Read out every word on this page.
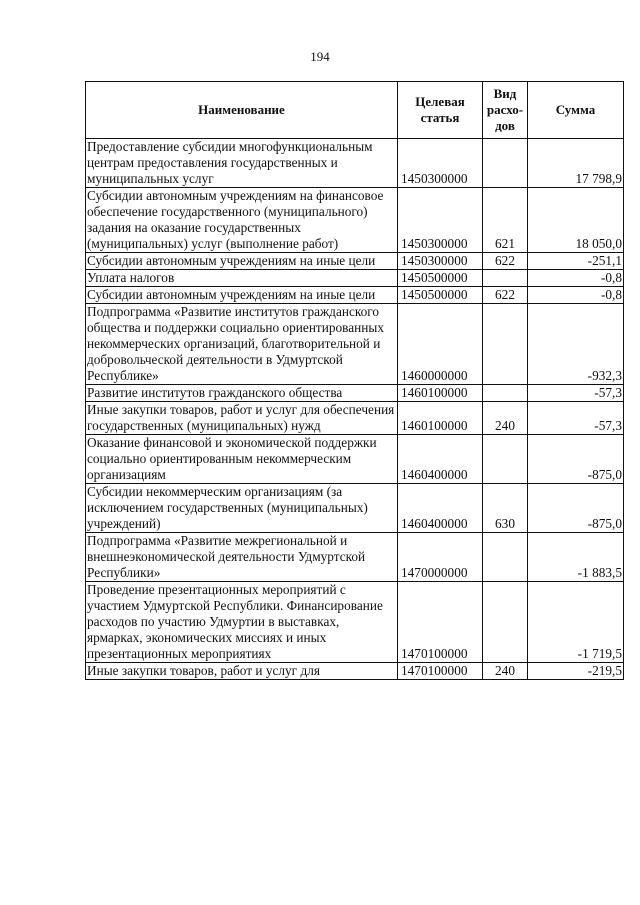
194
Наименование	Целевая статья	Вид расхо-дов	Сумма
Предоставление субсидии многофункциональным центрам предоставления государственных и муниципальных услуг	1450300000		17 798,9
Субсидии автономным учреждениям на финансовое обеспечение государственного (муниципального) задания на оказание государственных (муниципальных) услуг (выполнение работ)	1450300000	621	18 050,0
Субсидии автономным учреждениям на иные цели	1450300000	622	-251,1
Уплата налогов	1450500000		-0,8
Субсидии автономным учреждениям на иные цели	1450500000	622	-0,8
Подпрограмма «Развитие институтов гражданского общества и поддержки социально ориентированных некоммерческих организаций, благотворительной и добровольческой деятельности в Удмуртской Республике»	1460000000		-932,3
Развитие институтов гражданского общества	1460100000		-57,3
Иные закупки товаров, работ и услуг для обеспечения государственных (муниципальных) нужд	1460100000	240	-57,3
Оказание финансовой и экономической поддержки социально ориентированным некоммерческим организациям	1460400000		-875,0
Субсидии некоммерческим организациям (за исключением государственных (муниципальных) учреждений)	1460400000	630	-875,0
Подпрограмма «Развитие межрегиональной и внешнеэкономической деятельности Удмуртской Республики»	1470000000		-1 883,5
Проведение презентационных мероприятий с участием Удмуртской Республики. Финансирование расходов по участию Удмуртии в выставках, ярмарках, экономических миссиях и иных презентационных мероприятиях	1470100000		-1 719,5
Иные закупки товаров, работ и услуг для	1470100000	240	-219,5
